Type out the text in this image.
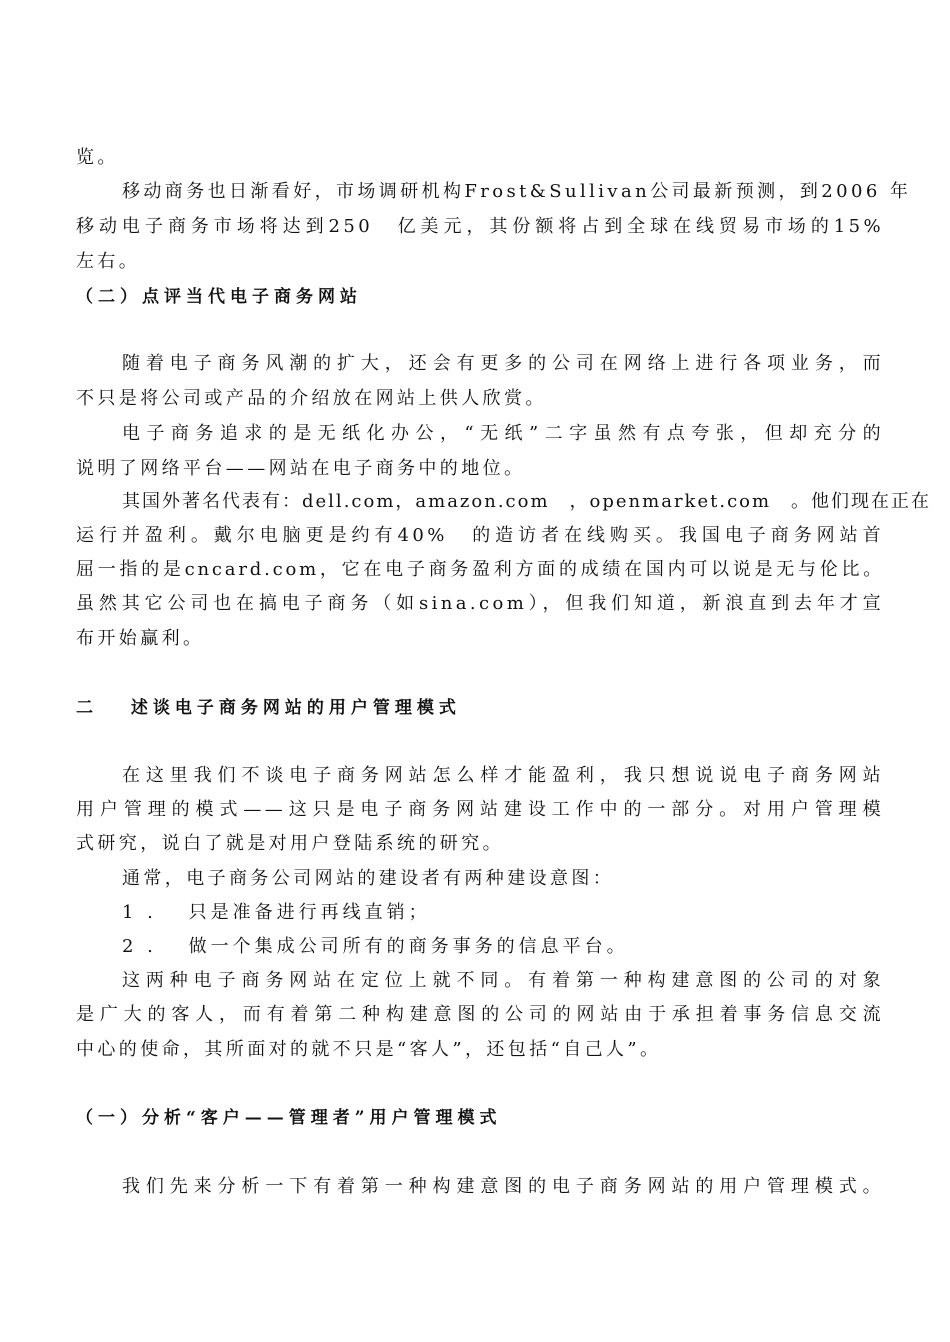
览。
移动商务也日渐看好，市场调研机构Frost&Sullivan公司最新预测，到2006 年
移动电子商务市场将达到250　亿美元，其份额将占到全球在线贸易市场的15%
左右。
（二）点评当代电子商务网站
随着电子商务风潮的扩大，还会有更多的公司在网络上进行各项业务，而
不只是将公司或产品的介绍放在网站上供人欣赏。
电子商务追求的是无纸化办公，“无纸”二字虽然有点夸张，但却充分的
说明了网络平台——网站在电子商务中的地位。
其国外著名代表有：dell.com，amazon.com　，openmarket.com　。他们现在正在
运行并盈利。戴尔电脑更是约有40%　的造访者在线购买。我国电子商务网站首
屈一指的是cncard.com，它在电子商务盈利方面的成绩在国内可以说是无与伦比。
虽然其它公司也在搞电子商务（如sina.com），但我们知道，新浪直到去年才宣
布开始赢利。
二　 述谈电子商务网站的用户管理模式
在这里我们不谈电子商务网站怎么样才能盈利，我只想说说电子商务网站
用户管理的模式——这只是电子商务网站建设工作中的一部分。对用户管理模
式研究，说白了就是对用户登陆系统的研究。
通常，电子商务公司网站的建设者有两种建设意图：
1 .　 只是准备进行再线直销；
2 .　 做一个集成公司所有的商务事务的信息平台。
这两种电子商务网站在定位上就不同。有着第一种构建意图的公司的对象
是广大的客人，而有着第二种构建意图的公司的网站由于承担着事务信息交流
中心的使命，其所面对的就不只是“客人”，还包括“自己人”。
（一）分析“客户——管理者”用户管理模式
我们先来分析一下有着第一种构建意图的电子商务网站的用户管理模式。
